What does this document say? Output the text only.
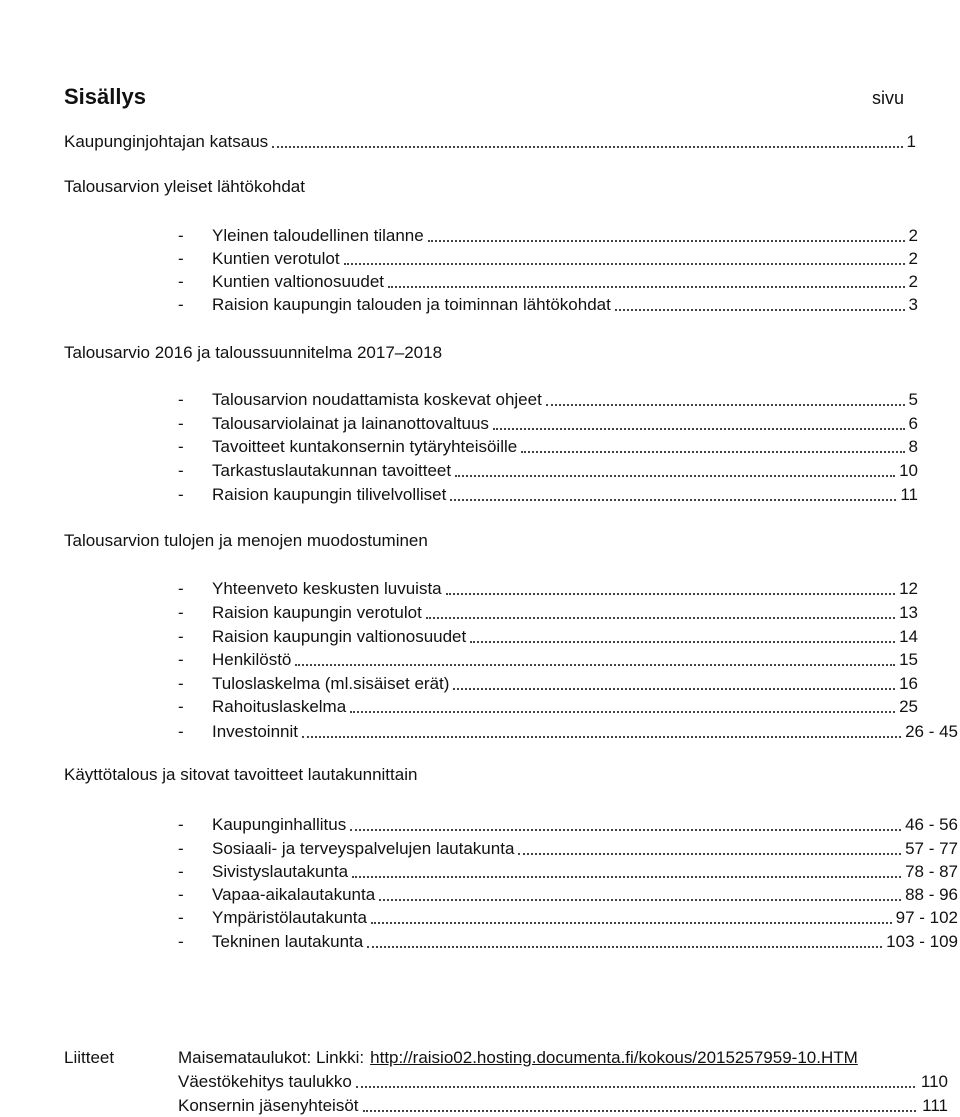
Sisällys	sivu
Kaupunginjohtajan katsaus	1
Talousarvion yleiset lähtökohdat
-	Yleinen taloudellinen tilanne	2
-	Kuntien verotulot	2
-	Kuntien valtionosuudet	2
-	Raision kaupungin talouden ja toiminnan lähtökohdat	3
Talousarvio 2016 ja taloussuunnitelma 2017–2018
-	Talousarvion noudattamista koskevat ohjeet	5
-	Talousarviolainat ja lainanottovaltuus	6
-	Tavoitteet kuntakonsernin tytäryhteisöille	8
-	Tarkastuslautakunnan tavoitteet	10
-	Raision kaupungin tilivelvolliset	11
Talousarvion tulojen ja menojen muodostuminen
-	Yhteenveto keskusten luvuista	12
-	Raision kaupungin verotulot	13
-	Raision kaupungin valtionosuudet	14
-	Henkilöstö	15
-	Tuloslaskelma (ml.sisäiset erät)	16
-	Rahoituslaskelma	25
-	Investoinnit	26 - 45
Käyttötalous ja sitovat tavoitteet lautakunnittain
-	Kaupunginhallitus	46 - 56
-	Sosiaali- ja terveyspalvelujen lautakunta	57 - 77
-	Sivistyslautakunta	78 - 87
-	Vapaa-aikalautakunta	88 - 96
-	Ympäristölautakunta	97 - 102
-	Tekninen lautakunta	103 - 109
Liitteet	Maisemataulukot: Linkki: http://raisio02.hosting.documenta.fi/kokous/2015257959-10.HTM
Väestökehitys taulukko	110
Konsernin jäsenyhteisöt	111
